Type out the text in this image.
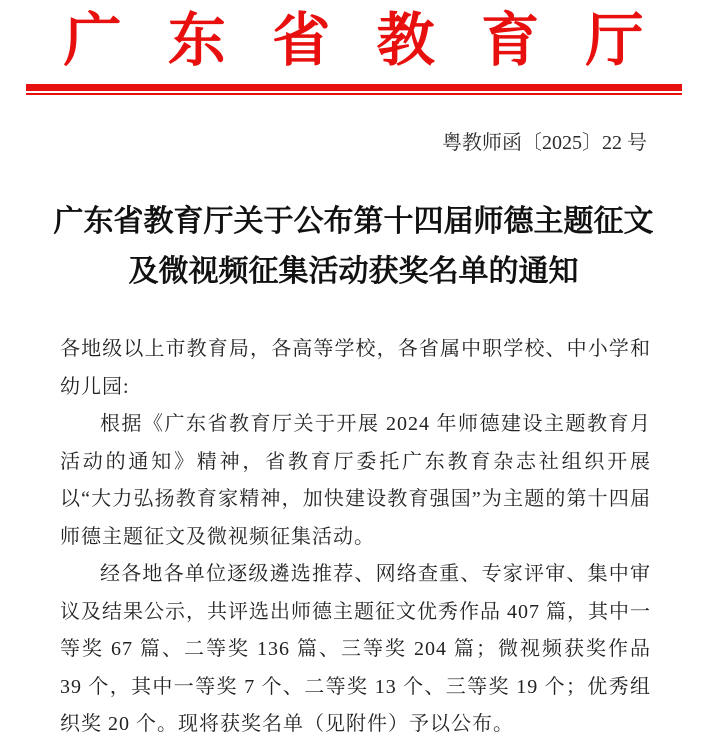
广东省教育厅
粤教师函〔2025〕22 号
广东省教育厅关于公布第十四届师德主题征文
及微视频征集活动获奖名单的通知

各地级以上市教育局，各高等学校，各省属中职学校、中小学和幼儿园:

根据《广东省教育厅关于开展 2024 年师德建设主题教育月活动的通知》精神，省教育厅委托广东教育杂志社组织开展以“大力弘扬教育家精神，加快建设教育强国”为主题的第十四届师德主题征文及微视频征集活动。

经各地各单位逐级遴选推荐、网络查重、专家评审、集中审议及结果公示，共评选出师德主题征文优秀作品 407 篇，其中一等奖 67 篇、二等奖 136 篇、三等奖 204 篇；微视频获奖作品 39 个，其中一等奖 7 个、二等奖 13 个、三等奖 19 个；优秀组织奖 20 个。现将获奖名单（见附件）予以公布。
